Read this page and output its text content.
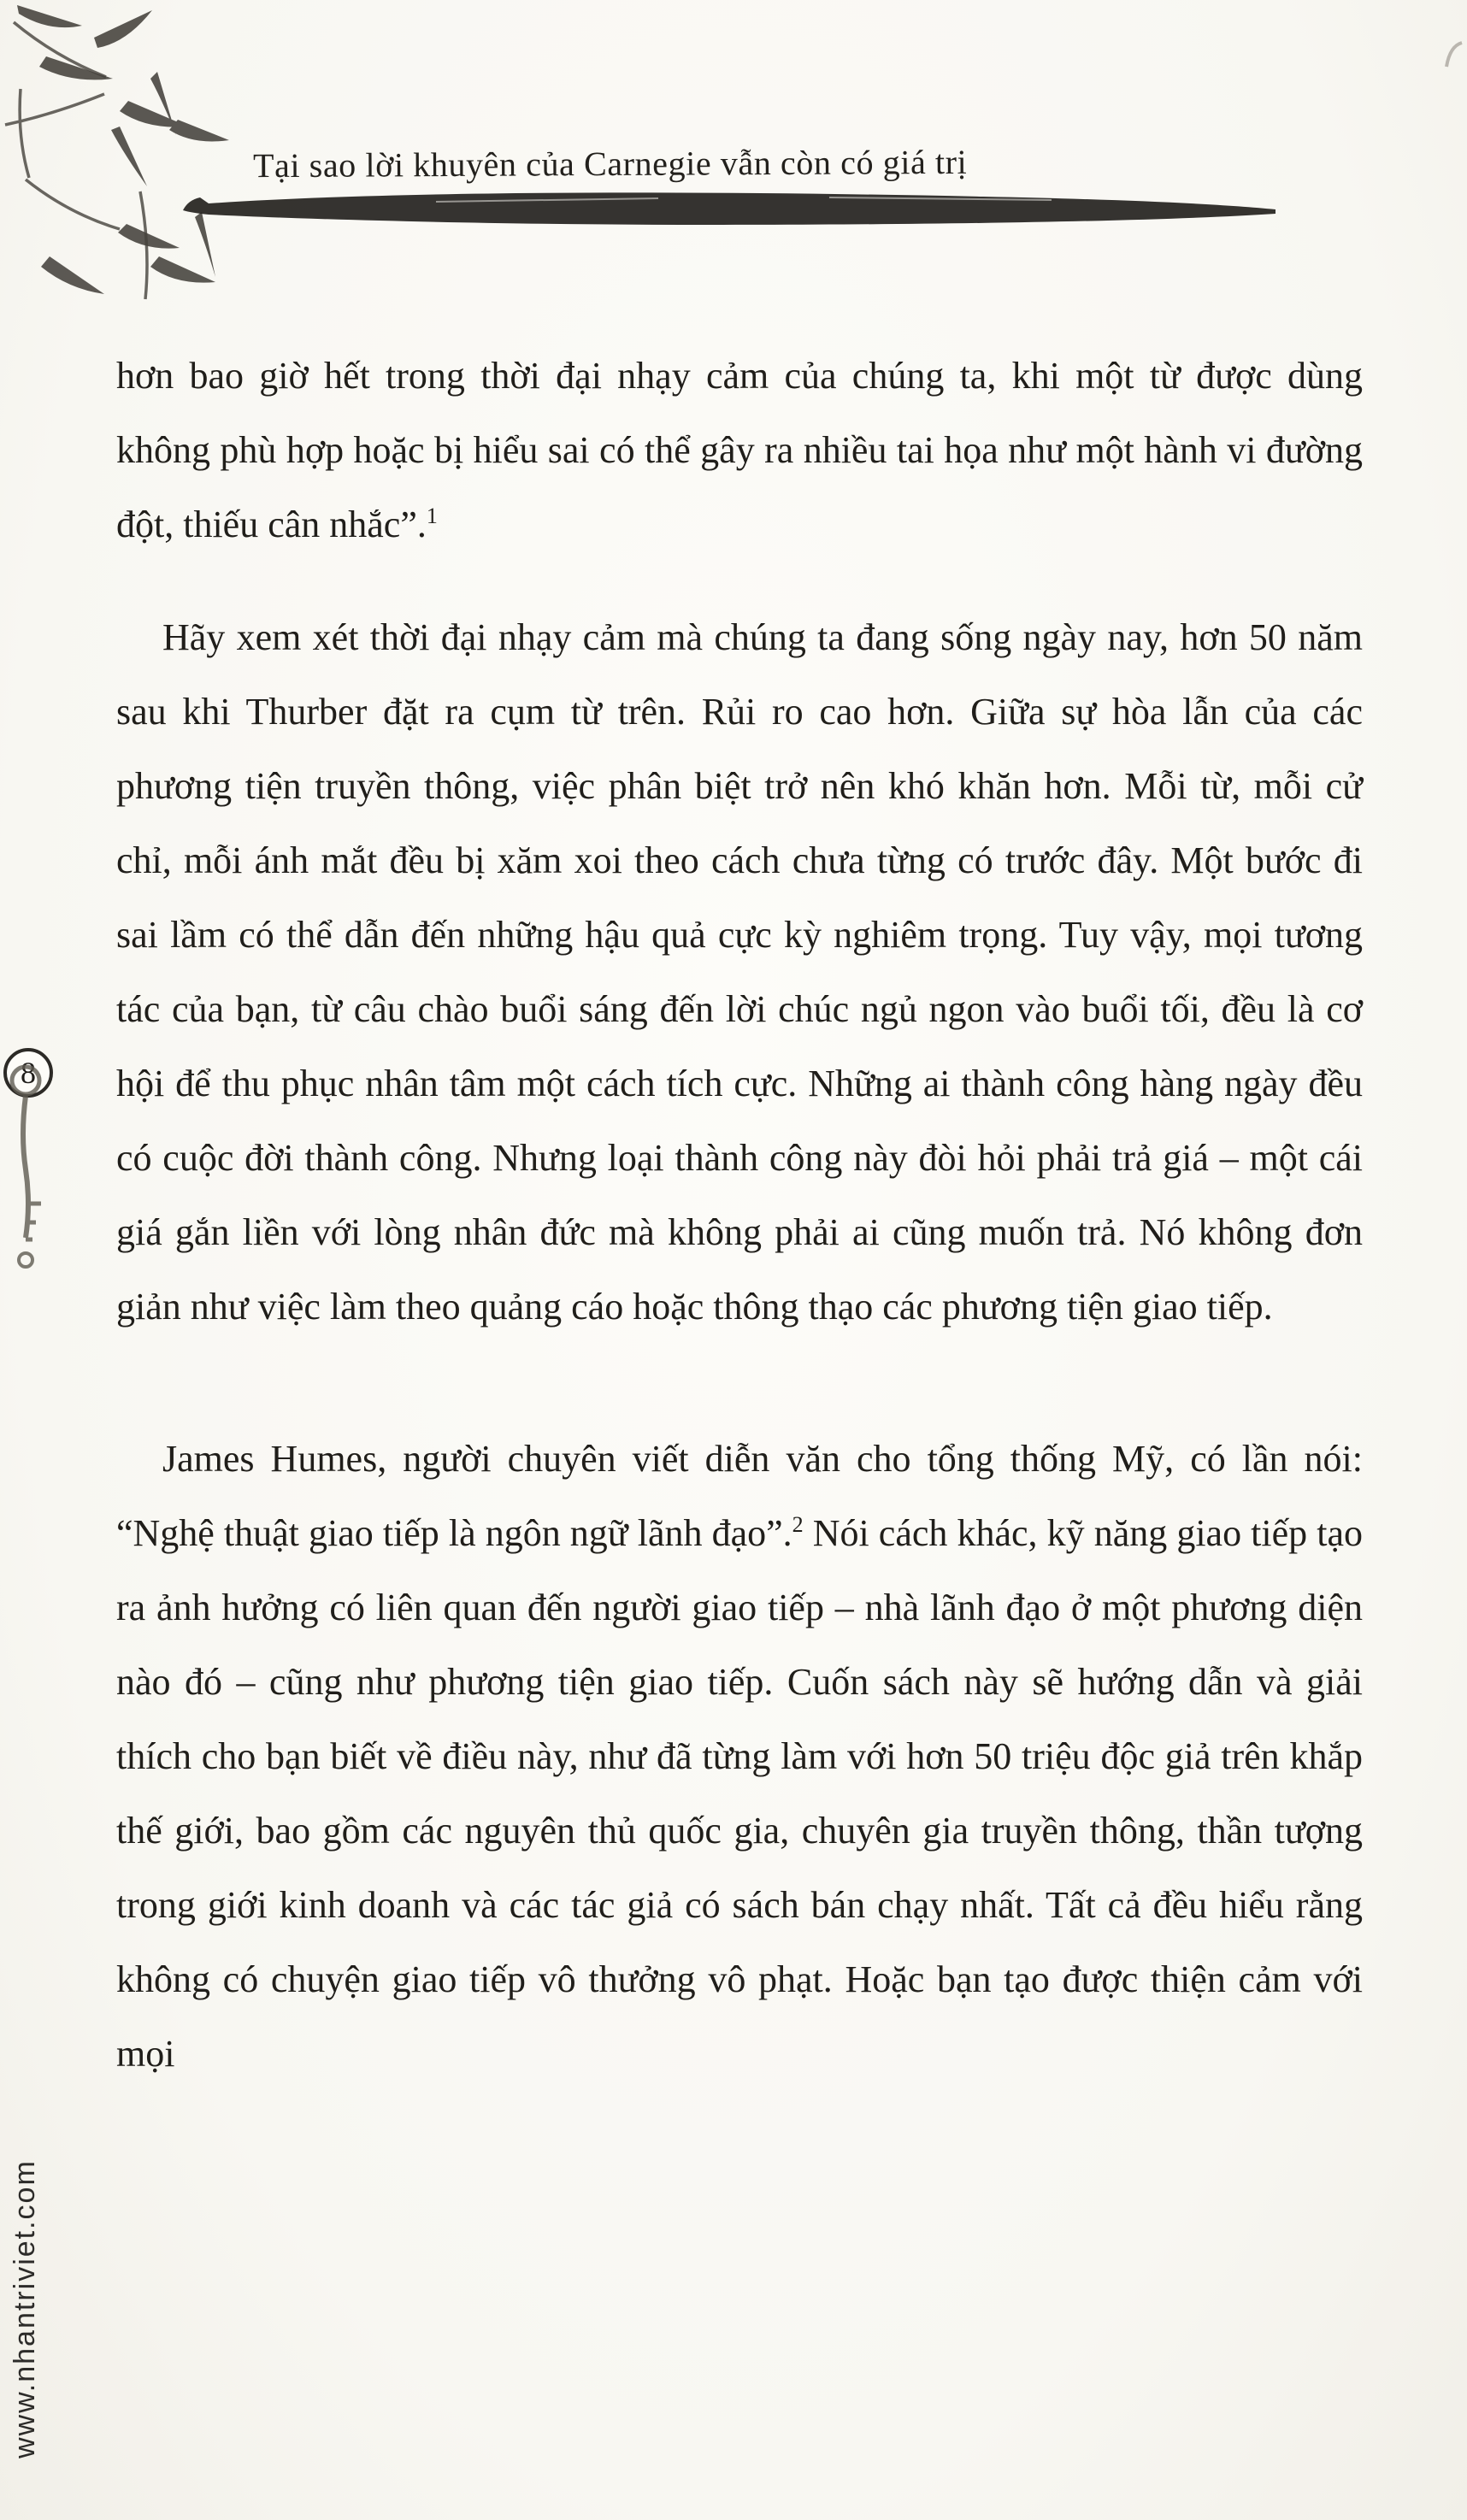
Tại sao lời khuyên của Carnegie vẫn còn có giá trị

hơn bao giờ hết trong thời đại nhạy cảm của chúng ta, khi một từ được dùng không phù hợp hoặc bị hiểu sai có thể gây ra nhiều tai họa như một hành vi đường đột, thiếu cân nhắc”.$^1$

Hãy xem xét thời đại nhạy cảm mà chúng ta đang sống ngày nay, hơn 50 năm sau khi Thurber đặt ra cụm từ trên. Rủi ro cao hơn. Giữa sự hòa lẫn của các phương tiện truyền thông, việc phân biệt trở nên khó khăn hơn. Mỗi từ, mỗi cử chỉ, mỗi ánh mắt đều bị xăm xoi theo cách chưa từng có trước đây. Một bước đi sai lầm có thể dẫn đến những hậu quả cực kỳ nghiêm trọng. Tuy vậy, mọi tương tác của bạn, từ câu chào buổi sáng đến lời chúc ngủ ngon vào buổi tối, đều là cơ hội để thu phục nhân tâm một cách tích cực. Những ai thành công hàng ngày đều có cuộc đời thành công. Nhưng loại thành công này đòi hỏi phải trả giá – một cái giá gắn liền với lòng nhân đức mà không phải ai cũng muốn trả. Nó không đơn giản như việc làm theo quảng cáo hoặc thông thạo các phương tiện giao tiếp.

James Humes, người chuyên viết diễn văn cho tổng thống Mỹ, có lần nói: “Nghệ thuật giao tiếp là ngôn ngữ lãnh đạo”.$^2$ Nói cách khác, kỹ năng giao tiếp tạo ra ảnh hưởng có liên quan đến người giao tiếp – nhà lãnh đạo ở một phương diện nào đó – cũng như phương tiện giao tiếp. Cuốn sách này sẽ hướng dẫn và giải thích cho bạn biết về điều này, như đã từng làm với hơn 50 triệu độc giả trên khắp thế giới, bao gồm các nguyên thủ quốc gia, chuyên gia truyền thông, thần tượng trong giới kinh doanh và các tác giả có sách bán chạy nhất. Tất cả đều hiểu rằng không có chuyện giao tiếp vô thưởng vô phạt. Hoặc bạn tạo được thiện cảm với mọi

8
www.nhantriviet.com
